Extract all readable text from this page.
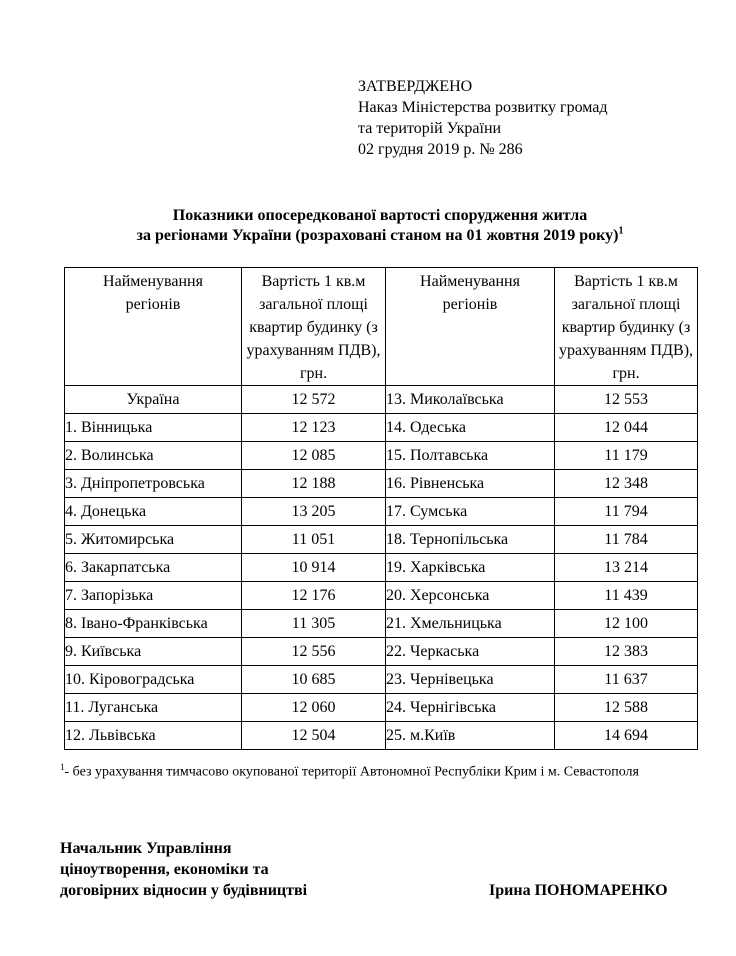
ЗАТВЕРДЖЕНО
Наказ Міністерства розвитку громад
та територій України
02 грудня 2019 р. № 286
Показники опосередкованої вартості спорудження житла
за регіонами України (розраховані станом на 01 жовтня 2019 року)$^1$
Найменування регіонів	Вартість 1 кв.м загальної площі квартир будинку (з урахуванням ПДВ), грн.	Найменування регіонів	Вартість 1 кв.м загальної площі квартир будинку (з урахуванням ПДВ), грн.
Україна	12 572	13. Миколаївська	12 553
1. Вінницька	12 123	14. Одеська	12 044
2. Волинська	12 085	15. Полтавська	11 179
3. Дніпропетровська	12 188	16. Рівненська	12 348
4. Донецька	13 205	17. Сумська	11 794
5. Житомирська	11 051	18. Тернопільська	11 784
6. Закарпатська	10 914	19. Харківська	13 214
7. Запорізька	12 176	20. Херсонська	11 439
8. Івано-Франківська	11 305	21. Хмельницька	12 100
9. Київська	12 556	22. Черкаська	12 383
10. Кіровоградська	10 685	23. Чернівецька	11 637
11. Луганська	12 060	24. Чернігівська	12 588
12. Львівська	12 504	25. м.Київ	14 694
$^1$- без урахування тимчасово окупованої території Автономної Республіки Крим і м. Севастополя
Начальник Управління
ціноутворення, економіки та
договірних відносин у будівництві	Ірина ПОНОМАРЕНКО
